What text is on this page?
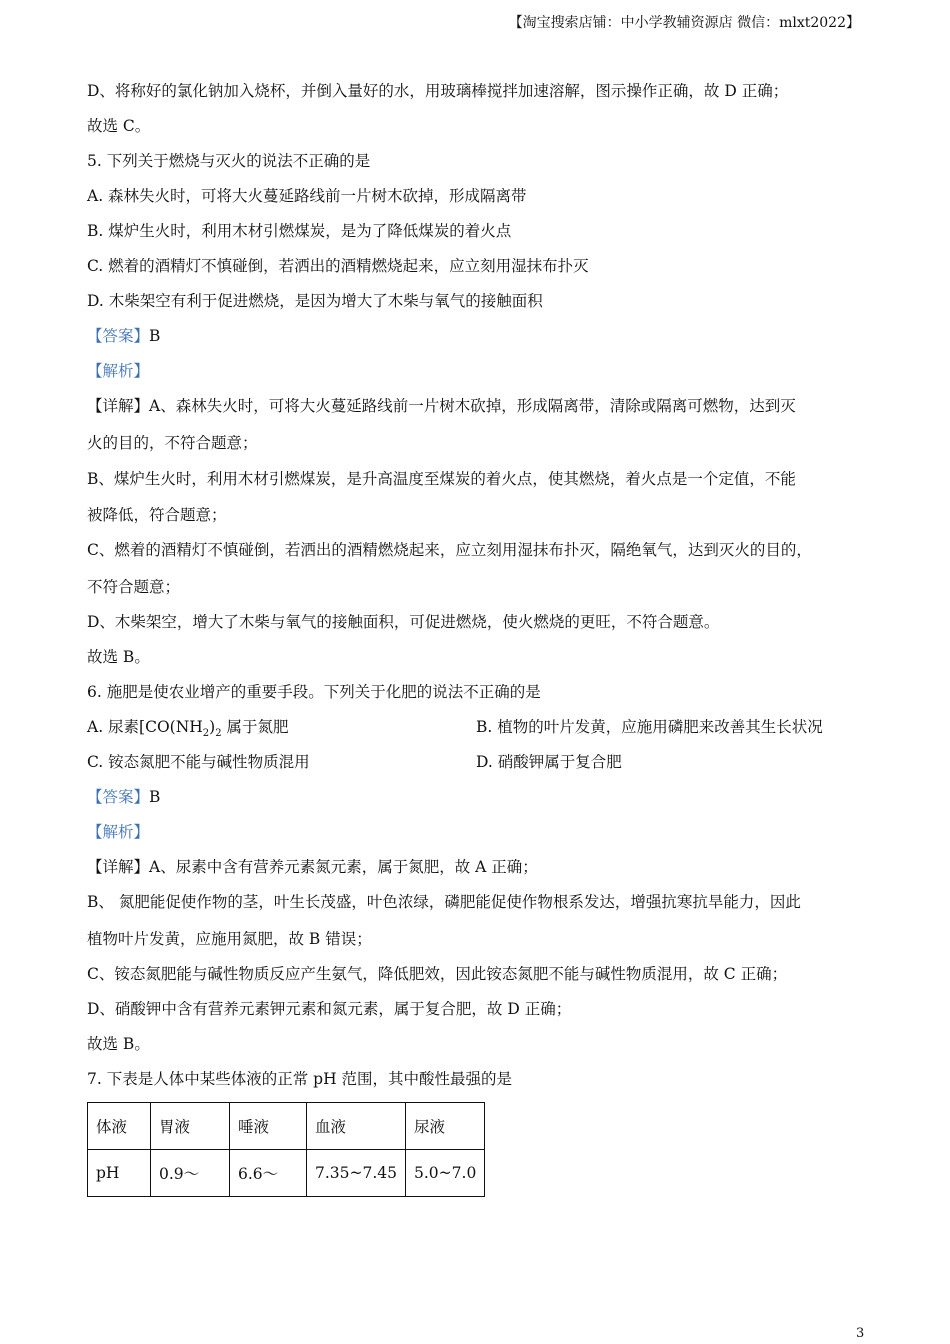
【淘宝搜索店铺：中小学教辅资源店 微信：mlxt2022】
D、将称好的氯化钠加入烧杯，并倒入量好的水，用玻璃棒搅拌加速溶解，图示操作正确，故 D 正确；
故选 C。
5. 下列关于燃烧与灭火的说法不正确的是
A. 森林失火时，可将大火蔓延路线前一片树木砍掉，形成隔离带
B. 煤炉生火时，利用木材引燃煤炭，是为了降低煤炭的着火点
C. 燃着的酒精灯不慎碰倒，若洒出的酒精燃烧起来，应立刻用湿抹布扑灭
D. 木柴架空有利于促进燃烧，是因为增大了木柴与氧气的接触面积
【答案】B
【解析】
【详解】A、森林失火时，可将大火蔓延路线前一片树木砍掉，形成隔离带，清除或隔离可燃物，达到灭
火的目的，不符合题意；
B、煤炉生火时，利用木材引燃煤炭，是升高温度至煤炭的着火点，使其燃烧，着火点是一个定值，不能
被降低，符合题意；
C、燃着的酒精灯不慎碰倒，若洒出的酒精燃烧起来，应立刻用湿抹布扑灭，隔绝氧气，达到灭火的目的，
不符合题意；
D、木柴架空，增大了木柴与氧气的接触面积，可促进燃烧，使火燃烧的更旺，不符合题意。
故选 B。
6. 施肥是使农业增产的重要手段。下列关于化肥的说法不正确的是
A. 尿素[$CO(NH_2)_2$ 属于氮肥	B. 植物的叶片发黄，应施用磷肥来改善其生长状况
C. 铵态氮肥不能与碱性物质混用	D. 硝酸钾属于复合肥
【答案】B
【解析】
【详解】A、尿素中含有营养元素氮元素，属于氮肥，故 A 正确；
B、 氮肥能促使作物的茎，叶生长茂盛，叶色浓绿，磷肥能促使作物根系发达，增强抗寒抗旱能力，因此
植物叶片发黄，应施用氮肥，故 B 错误；
C、铵态氮肥能与碱性物质反应产生氨气，降低肥效，因此铵态氮肥不能与碱性物质混用，故 C 正确；
D、硝酸钾中含有营养元素钾元素和氮元素，属于复合肥，故 D 正确；
故选 B。
7. 下表是人体中某些体液的正常 pH 范围，其中酸性最强的是
体液	胃液	唾液	血液	尿液
pH	0.9～	6.6～	7.35~7.45	5.0~7.0
3
